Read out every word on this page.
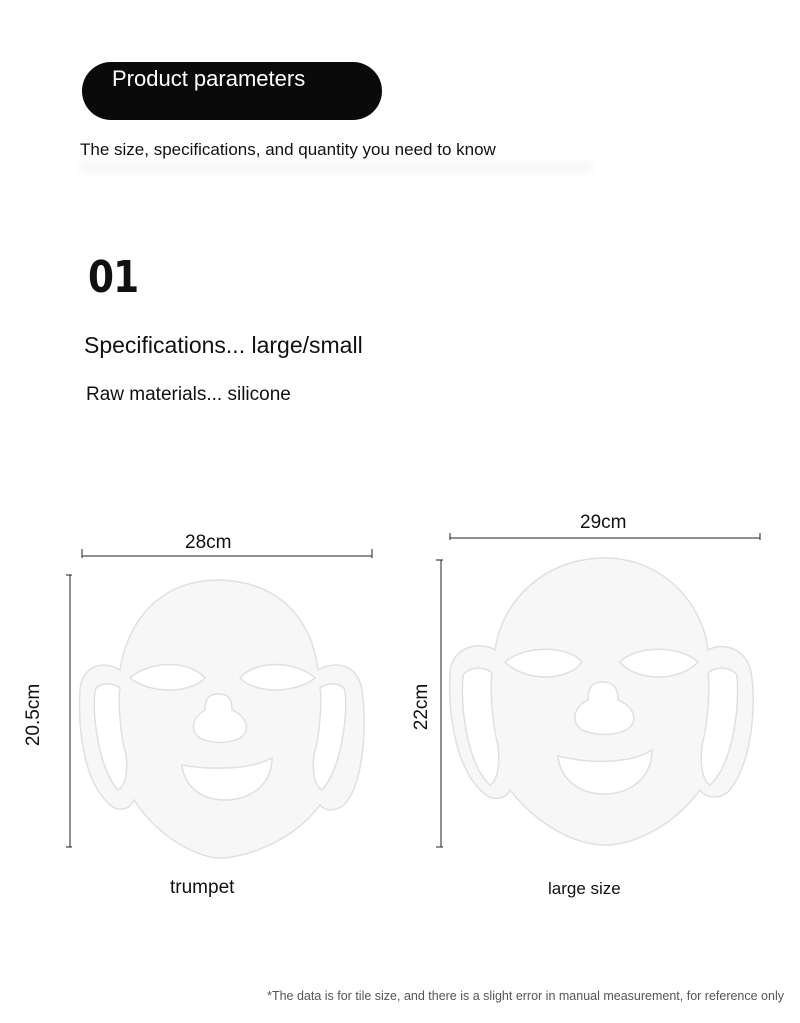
Product parameters
The size, specifications, and quantity you need to know
01
Specifications... large/small
Raw materials... silicone
28cm
20.5cm
trumpet
29cm
22cm
large size
*The data is for tile size, and there is a slight error in manual measurement, for reference only
